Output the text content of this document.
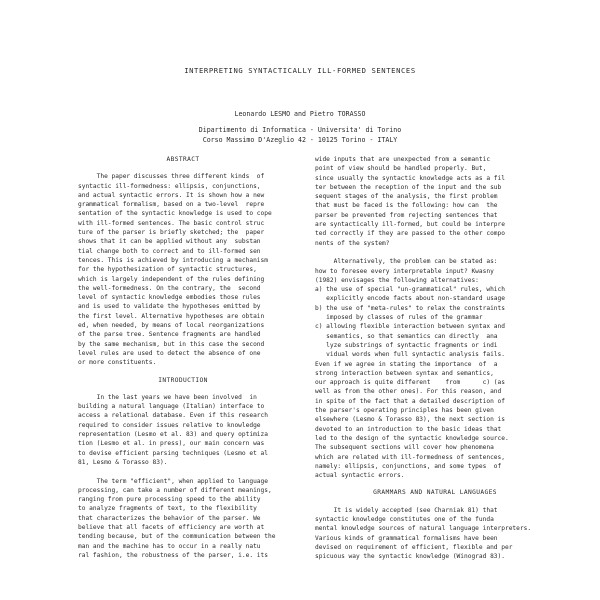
INTERPRETING SYNTACTICALLY ILL-FORMED SENTENCES
Leonardo LESMO and Pietro TORASSO
Dipartimento di Informatica - Universita' di Torino
Corso Massimo D'Azeglio 42 - 10125 Torino - ITALY
ABSTRACT
The paper discusses three different kinds  of
syntactic ill-formedness: ellipsis, conjunctions,
and actual syntactic errors. It is shown how a new
grammatical formalism, based on a two-level  repre
sentation of the syntactic knowledge is used to cope
with ill-formed sentences. The basic control struc
ture of the parser is briefly sketched; the  paper
shows that it can be applied without any  substan
tial change both to correct and to ill-formed sen
tences. This is achieved by introducing a mechanism
for the hypothesization of syntactic structures,
which is largely independent of the rules defining
the well-formedness. On the contrary, the  second
level of syntactic knowledge embodies those rules
and is used to validate the hypotheses emitted by
the first level. Alternative hypotheses are obtain
ed, when needed, by means of local reorganizations
of the parse tree. Sentence fragments are handled
by the same mechanism, but in this case the second
level rules are used to detect the absence of one
or more constituents.
INTRODUCTION
In the last years we have been involved  in
building a natural language (Italian) interface to
access a relational database. Even if this research
required to consider issues relative to knowledge
representation (Lesmo et al. 83) and query optimiza
tion (Lesmo et al. in press), our main concern was
to devise efficient parsing techniques (Lesmo et al
81, Lesmo & Torasso 83).

The term "efficient", when applied to language
processing, can take a number of different meanings,
ranging from pure processing speed to the ability
to analyze fragments of text, to the flexibility
that characterizes the behavior of the parser. We
believe that all facets of efficiency are worth at
tending because, but of the communication between the
man and the machine has to occur in a really natu
ral fashion, the robustness of the parser, i.e. its
wide inputs that are unexpected from a semantic
point of view should be handled properly. But,
since usually the syntactic knowledge acts as a fil
ter between the reception of the input and the sub
sequent stages of the analysis, the first problem
that must be faced is the following: how can  the
parser be prevented from rejecting sentences that
are syntactically ill-formed, but could be interpre
ted correctly if they are passed to the other compo
nents of the system?

Alternatively, the problem can be stated as:
how to foresee every interpretable input? Kwasny
(1982) envisages the following alternatives:
a) the use of special "un-grammatical" rules, which
explicitly encode facts about non-standard usage
b) the use of "meta-rules" to relax the constraints
imposed by classes of rules of the grammar
c) allowing flexible interaction between syntax and
semantics, so that semantics can directly  ana
lyze substrings of syntactic fragments or indi
vidual words when full syntactic analysis fails.
Even if we agree in stating the importance  of  a
strong interaction between syntax and semantics,
our approach is quite different    from      c) (as
well as from the other ones). For this reason, and
in spite of the fact that a detailed description of
the parser's operating principles has been given
elsewhere (Lesmo & Torasso 83), the next section is
devoted to an introduction to the basic ideas that
led to the design of the syntactic knowledge source.
The subsequent sections will cover how phenomena
which are related with ill-formedness of sentences,
namely: ellipsis, conjunctions, and some types  of
actual syntactic errors.
GRAMMARS AND NATURAL LANGUAGES
It is widely accepted (see Charniak 81) that
syntactic knowledge constitutes one of the funda
mental knowledge sources of natural language interpreters.
Various kinds of grammatical formalisms have been
devised on requirement of efficient, flexible and per
spicuous way the syntactic knowledge (Winograd 83).
